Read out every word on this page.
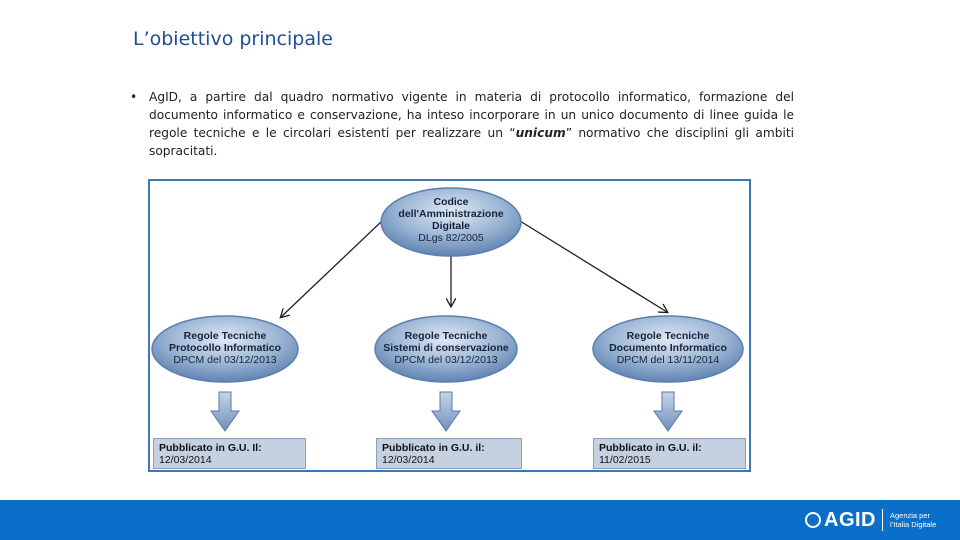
L’obiettivo principale
• AgID, a partire dal quadro normativo vigente in materia di protocollo informatico, formazione del documento informatico e conservazione, ha inteso incorporare in un unico documento di linee guida le regole tecniche e le circolari esistenti per realizzare un “unicum” normativo che disciplini gli ambiti sopracitati.
Codice
dell'Amministrazione
Digitale
DLgs 82/2005
Regole Tecniche
Protocollo Informatico
DPCM del 03/12/2013
Regole Tecniche
Sistemi di conservazione
DPCM del 03/12/2013
Regole Tecniche
Documento Informatico
DPCM del 13/11/2014
Pubblicato in G.U. Il:
12/03/2014
Pubblicato in G.U. il:
12/03/2014
Pubblicato in G.U. il:
11/02/2015
AGID Agenzia per
l’Italia Digitale
